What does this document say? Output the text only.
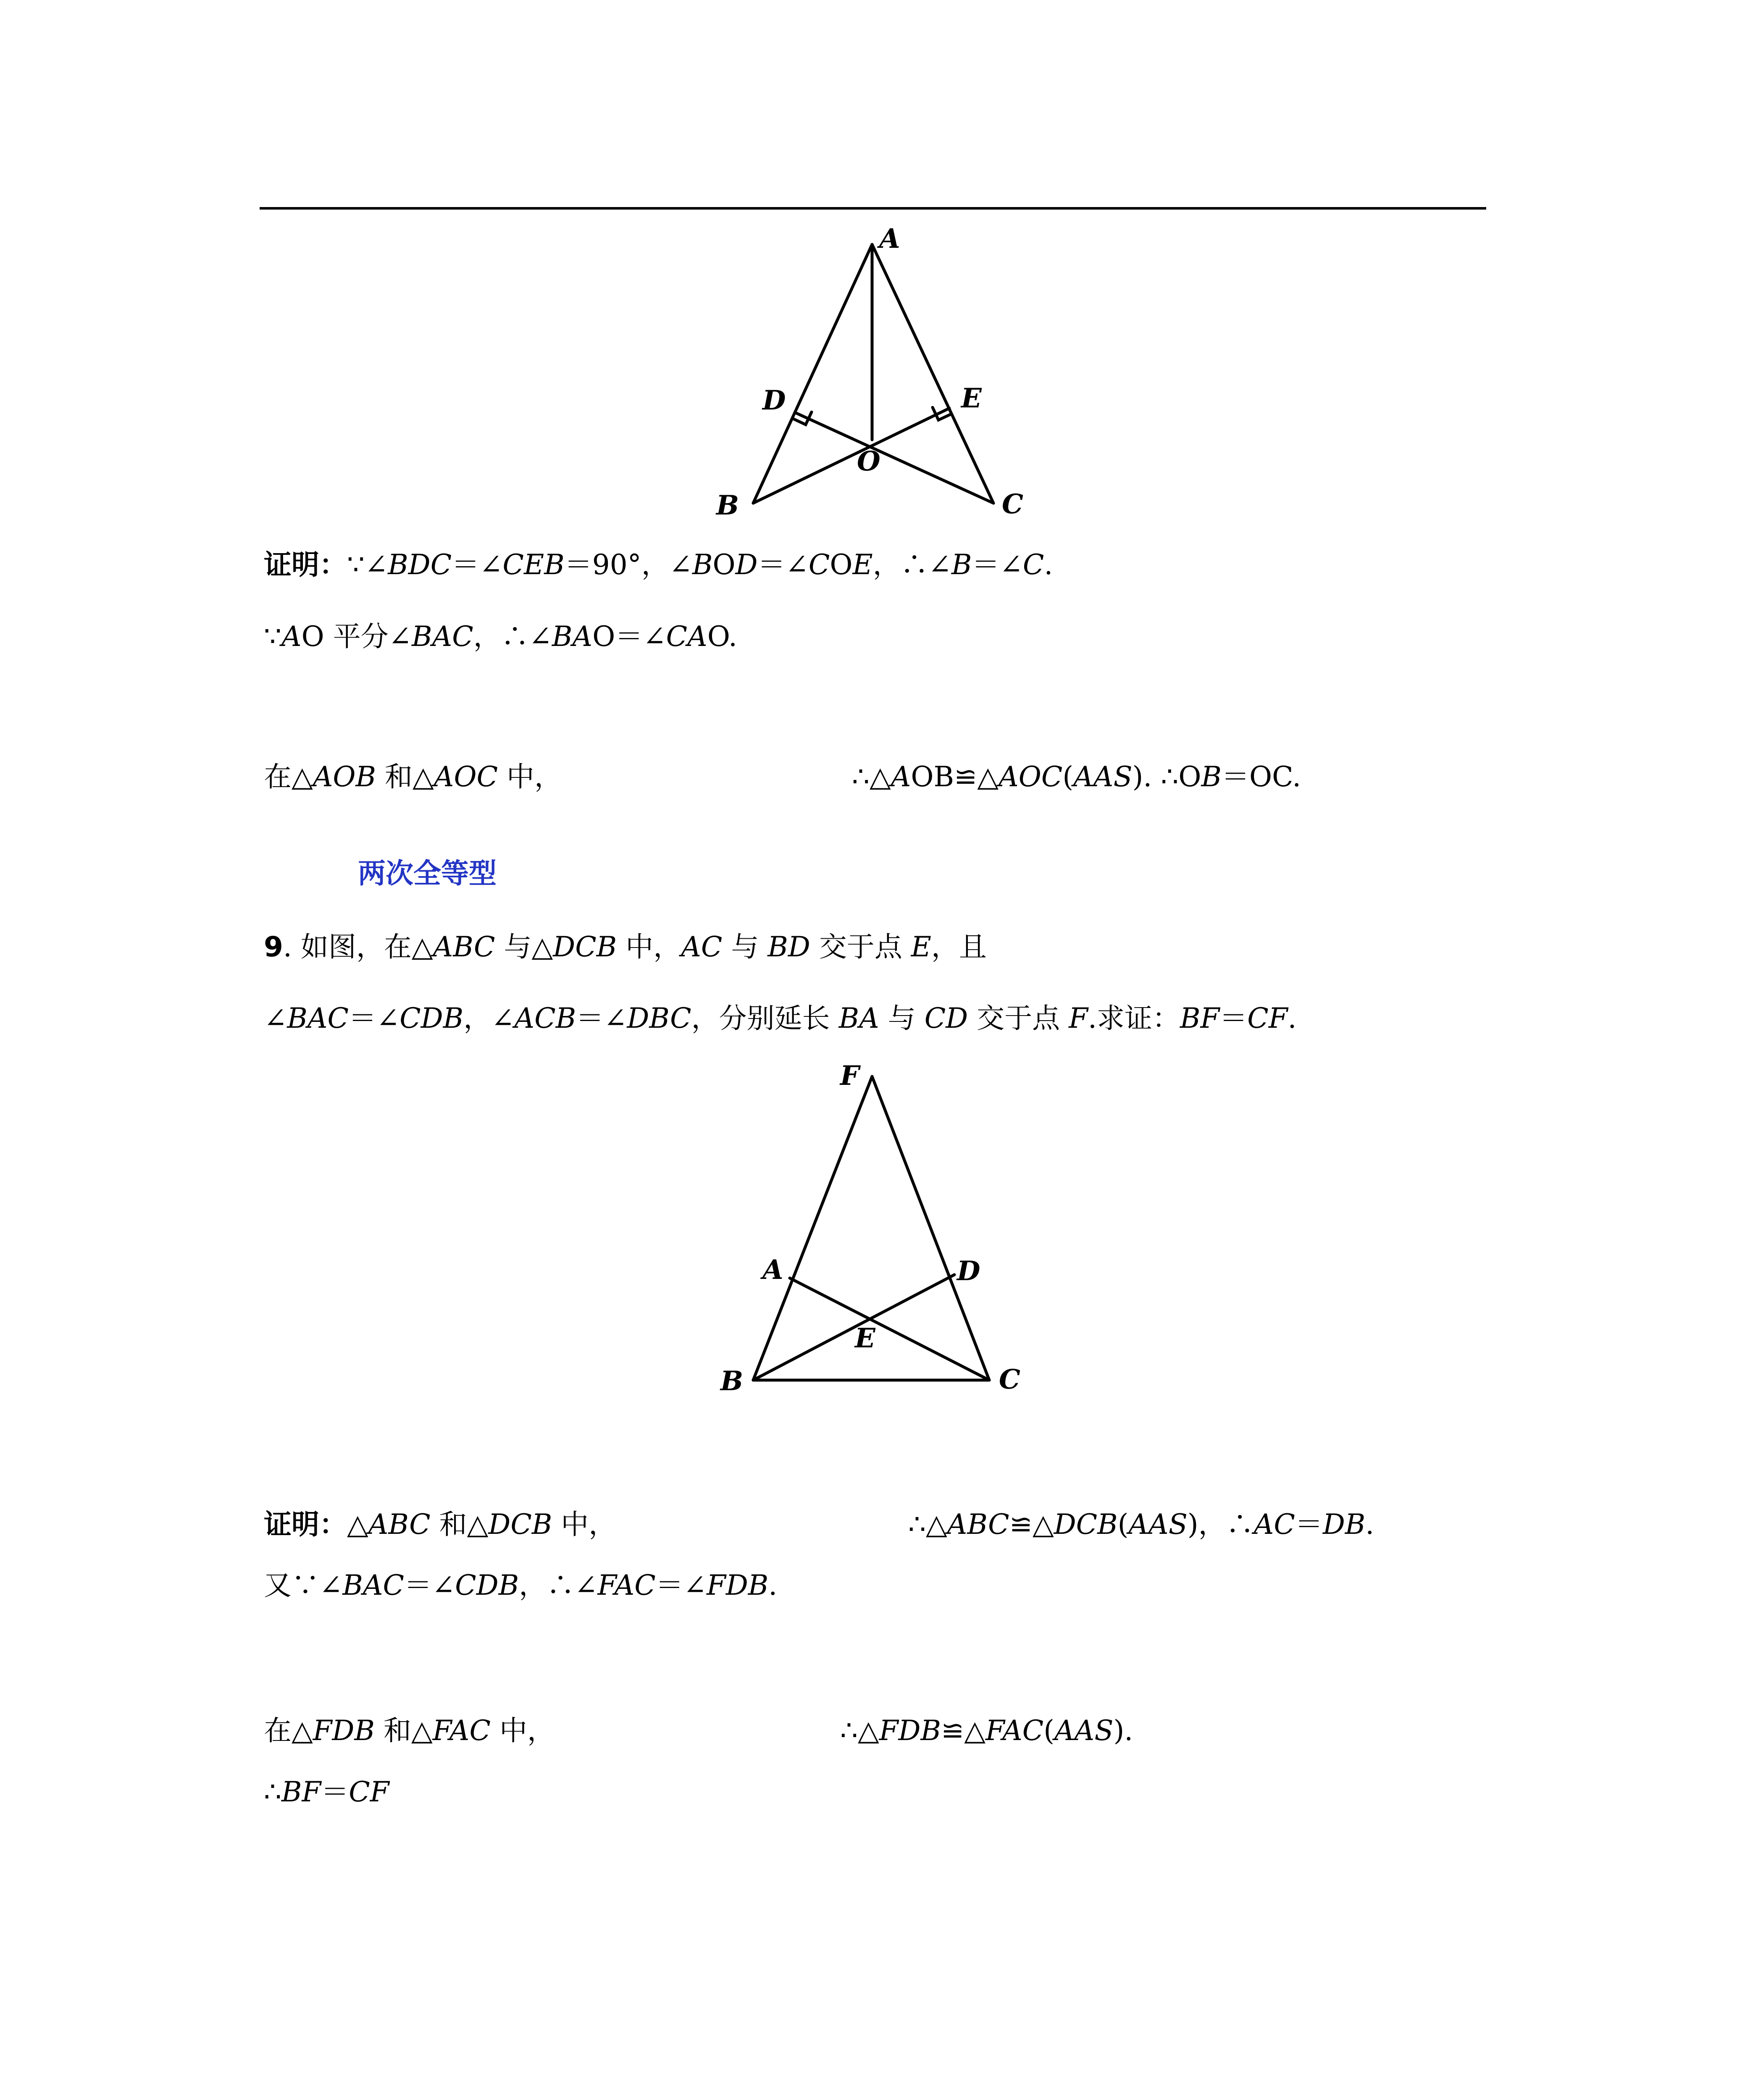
A
D	E
O
B	C
证明：∵∠BDC＝∠CEB＝90°，∠BOD＝∠COE，∴∠B＝∠C.
∵AO 平分∠BAC，∴∠BAO＝∠CAO.
在△AOB 和△AOC 中，	∴△AOB≌△AOC(AAS). ∴OB＝OC.
两次全等型
9. 如图，在△ABC 与△DCB 中，AC 与 BD 交于点 E，且
∠BAC＝∠CDB，∠ACB＝∠DBC，分别延长 BA 与 CD 交于点 F.求证：BF＝CF.
F
A	D
E
B	C
证明：△ABC 和△DCB 中，	∴△ABC≌△DCB(AAS)，∴AC＝DB.
又∵∠BAC＝∠CDB，∴∠FAC＝∠FDB.
在△FDB 和△FAC 中，	∴△FDB≌△FAC(AAS).
∴BF＝CF
